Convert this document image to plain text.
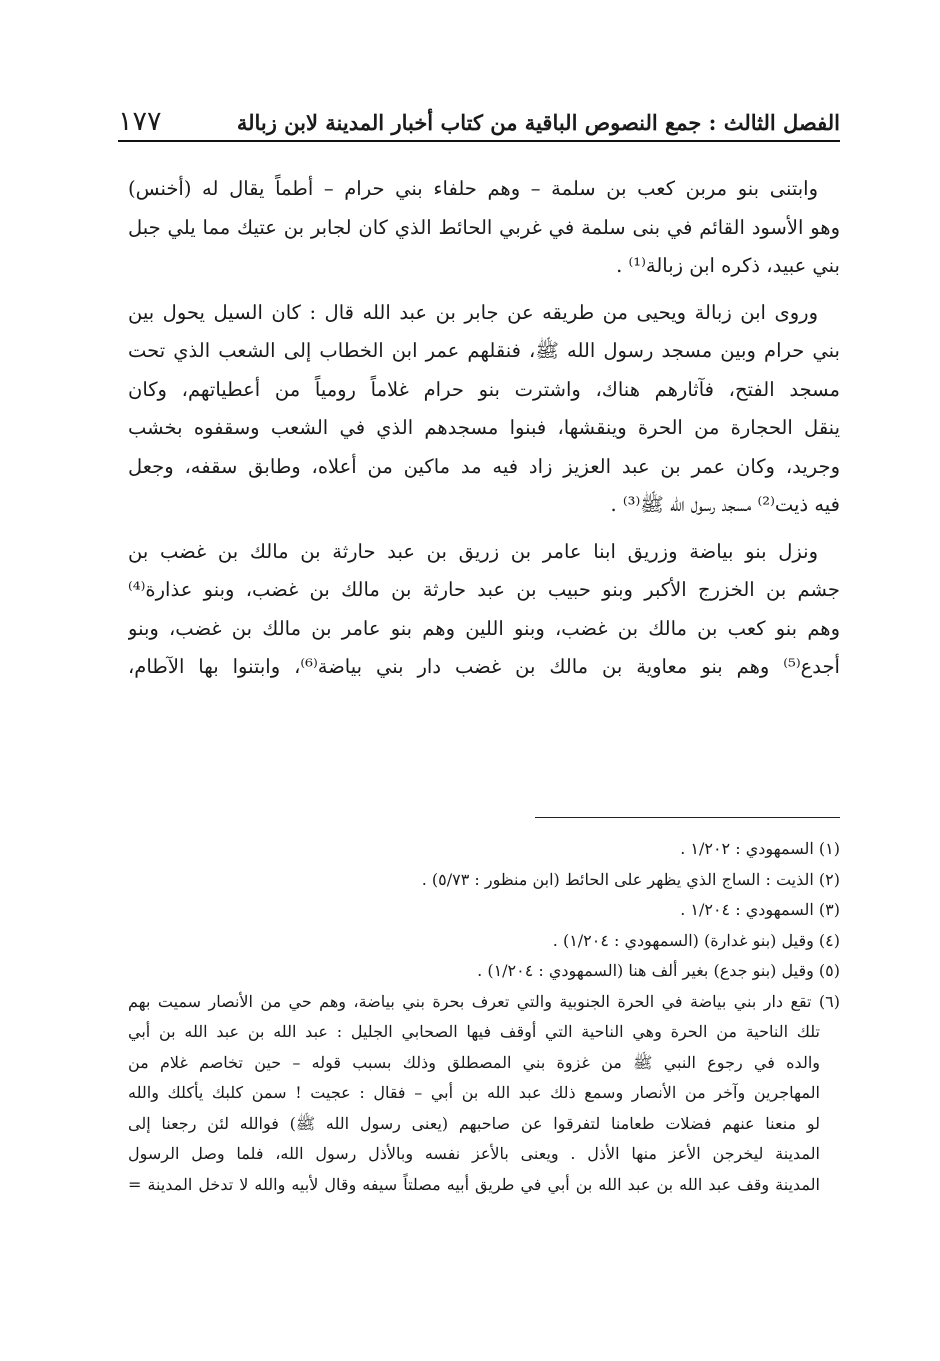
١٧٧	الفصل الثالث : جمع النصوص الباقية من كتاب أخبار المدينة لابن زبالة
وابتنى بنو مربن كعب بن سلمة – وهم حلفاء بني حرام – أطماً يقال له (أخنس)
وهو الأسود القائم في بنى سلمة في غربي الحائط الذي كان لجابر بن عتيك مما يلي جبل
بني عبيد، ذكره ابن زبالة⁽¹⁾ .
وروى ابن زبالة ويحيى من طريقه عن جابر بن عبد الله قال : كان السيل يحول بين
بني حرام وبين مسجد رسول الله ﷺ، فنقلهم عمر ابن الخطاب إلى الشعب الذي تحت
مسجد الفتح، فآثارهم هناك، واشترت بنو حرام غلاماً رومياً من أعطياتهم، وكان
ينقل الحجارة من الحرة وينقشها، فبنوا مسجدهم الذي في الشعب وسقفوه بخشب
وجريد، وكان عمر بن عبد العزيز زاد فيه مد ماكين من أعلاه، وطابق سقفه، وجعل
فيه ذيت⁽²⁾ مسجد رسول الله ﷺ⁽³⁾ .
ونزل بنو بياضة وزريق ابنا عامر بن زريق بن عبد حارثة بن مالك بن غضب بن
جشم بن الخزرج الأكبر وبنو حبيب بن عبد حارثة بن مالك بن غضب، وبنو عذارة⁽⁴⁾
وهم بنو كعب بن مالك بن غضب، وبنو اللين وهم بنو عامر بن مالك بن غضب، وبنو
أجدع⁽⁵⁾ وهم بنو معاوية بن مالك بن غضب دار بني بياضة⁽⁶⁾، وابتنوا بها الآطام،
(١) السمهودي : ١/٢٠٢ .
(٢) الذيت : الساج الذي يظهر على الحائط (ابن منظور : ٥/٧٣) .
(٣) السمهودي : ١/٢٠٤ .
(٤) وقيل (بنو غدارة) (السمهودي : ١/٢٠٤) .
(٥) وقيل (بنو جدع) بغير ألف هنا (السمهودي : ١/٢٠٤) .
(٦) تقع دار بني بياضة في الحرة الجنوبية والتي تعرف بحرة بني بياضة، وهم حي من الأنصار سميت بهم
تلك الناحية من الحرة وهي الناحية التي أوقف فيها الصحابي الجليل : عبد الله بن عبد الله بن أبي
والده في رجوع النبي ﷺ من غزوة بني المصطلق وذلك بسبب قوله – حين تخاصم غلام من
المهاجرين وآخر من الأنصار وسمع ذلك عبد الله بن أبي – فقال : عجيت ! سمن كلبك يأكلك والله
لو منعنا عنهم فضلات طعامنا لتفرقوا عن صاحبهم (يعنى رسول الله ﷺ) فوالله لئن رجعنا إلى
المدينة ليخرجن الأعز منها الأذل . ويعنى بالأعز نفسه وبالأذل رسول الله، فلما وصل الرسول
المدينة وقف عبد الله بن عبد الله بن أبي في طريق أبيه مصلتاً سيفه وقال لأبيه والله لا تدخل المدينة =
